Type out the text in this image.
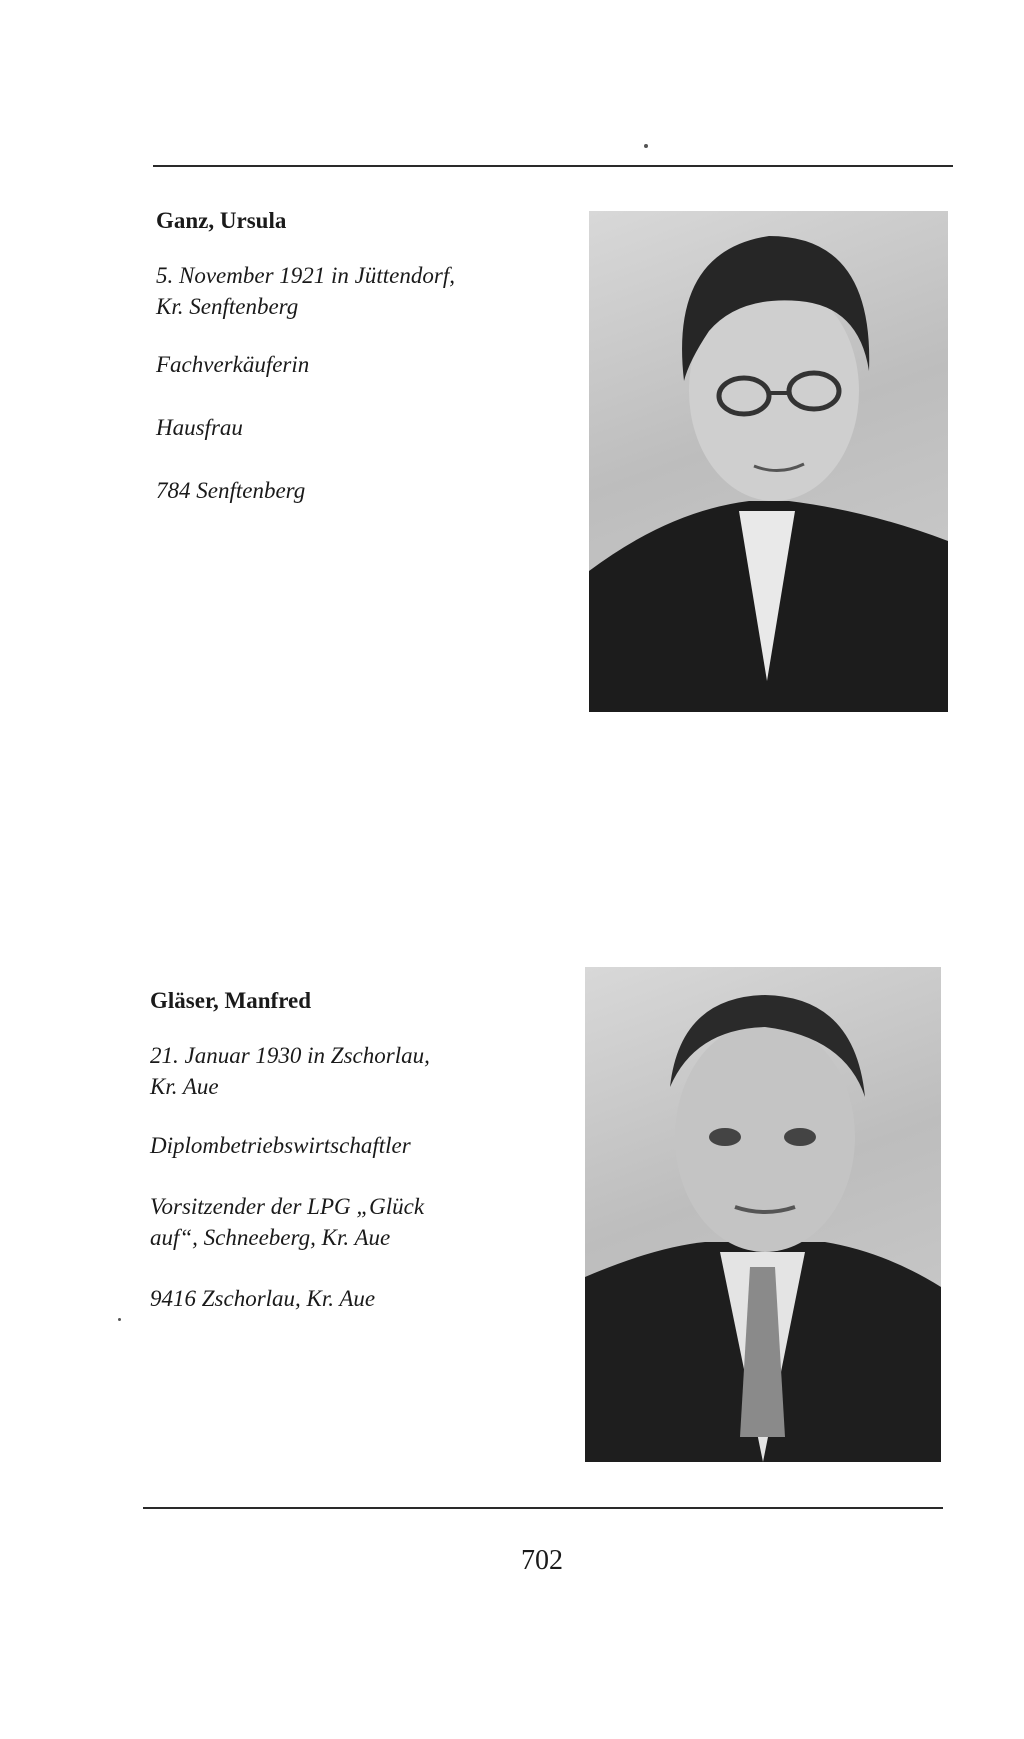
Ganz, Ursula

5. November 1921 in Jüttendorf,

Kr. Senftenberg

Fachverkäuferin

Hausfrau

784 Senftenberg

Gläser, Manfred

21. Januar 1930 in Zschorlau,

Kr. Aue

Diplombetriebswirtschaftler

Vorsitzender der LPG „Glück

auf“, Schneeberg, Kr. Aue

9416 Zschorlau, Kr. Aue

702
